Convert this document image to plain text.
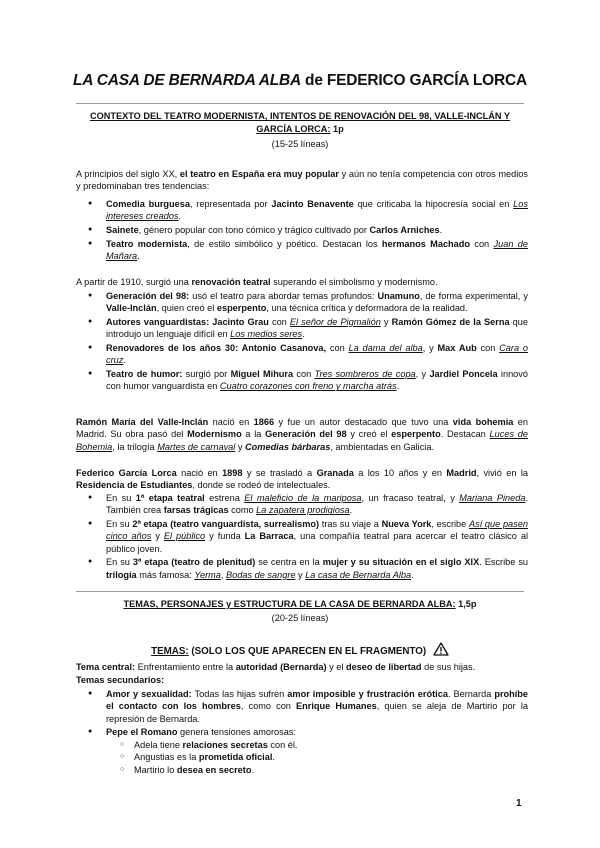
LA CASA DE BERNARDA ALBA de FEDERICO GARCÍA LORCA
CONTEXTO DEL TEATRO MODERNISTA, INTENTOS DE RENOVACIÓN DEL 98, VALLE-INCLÁN Y GARCÍA LORCA: 1p
(15-25 líneas)
A principios del siglo XX, el teatro en España era muy popular y aún no tenía competencia con otros medios y predominaban tres tendencias:
● Comedia burguesa, representada por Jacinto Benavente que criticaba la hipocresía social en Los intereses creados.
● Sainete, género popular con tono cómico y trágico cultivado por Carlos Arniches.
● Teatro modernista, de estilo simbólico y poético. Destacan los hermanos Machado con Juan de Mañara.
A partir de 1910, surgió una renovación teatral superando el simbolismo y modernismo.
● Generación del 98: usó el teatro para abordar temas profundos: Unamuno, de forma experimental, y Valle-Inclán, quien creó el esperpento, una técnica crítica y deformadora de la realidad.
● Autores vanguardistas: Jacinto Grau con El señor de Pigmalión y Ramón Gómez de la Serna que introdujo un lenguaje difícil en Los medios seres.
● Renovadores de los años 30: Antonio Casanova, con La dama del alba, y Max Aub con Cara o cruz.
● Teatro de humor: surgió por Miguel Mihura con Tres sombreros de copa, y Jardiel Poncela innovó con humor vanguardista en Cuatro corazones con freno y marcha atrás.
Ramón María del Valle-Inclán nació en 1866 y fue un autor destacado que tuvo una vida bohemia en Madrid. Su obra pasó del Modernismo a la Generación del 98 y creó el esperpento. Destacan Luces de Bohemia, la trilogía Martes de carnaval y Comedias bárbaras, ambientadas en Galicia.
Federico García Lorca nació en 1898 y se trasladó a Granada a los 10 años y en Madrid, vivió en la Residencia de Estudiantes, donde se rodeó de intelectuales.
● En su 1ª etapa teatral estrena El maleficio de la mariposa, un fracaso teatral, y Mariana Pineda. También crea farsas trágicas como La zapatera prodigiosa.
● En su 2ª etapa (teatro vanguardista, surrealismo) tras su viaje a Nueva York, escribe Así que pasen cinco años y El público y funda La Barraca, una compañía teatral para acercar el teatro clásico al público joven.
● En su 3ª etapa (teatro de plenitud) se centra en la mujer y su situación en el siglo XIX. Escribe su trilogía más famosa: Yerma, Bodas de sangre y La casa de Bernarda Alba.
TEMAS, PERSONAJES y ESTRUCTURA DE LA CASA DE BERNARDA ALBA: 1,5p
(20-25 líneas)
TEMAS: (SOLO LOS QUE APARECEN EN EL FRAGMENTO)
Tema central: Enfrentamiento entre la autoridad (Bernarda) y el deseo de libertad de sus hijas.
Temas secundarios:
● Amor y sexualidad: Todas las hijas sufren amor imposible y frustración erótica. Bernarda prohíbe el contacto con los hombres, como con Enrique Humanes, quien se aleja de Martirio por la represión de Bernarda.
● Pepe el Romano genera tensiones amorosas:
○ Adela tiene relaciones secretas con él.
○ Angustias es la prometida oficial.
○ Martirio lo desea en secreto.
1
